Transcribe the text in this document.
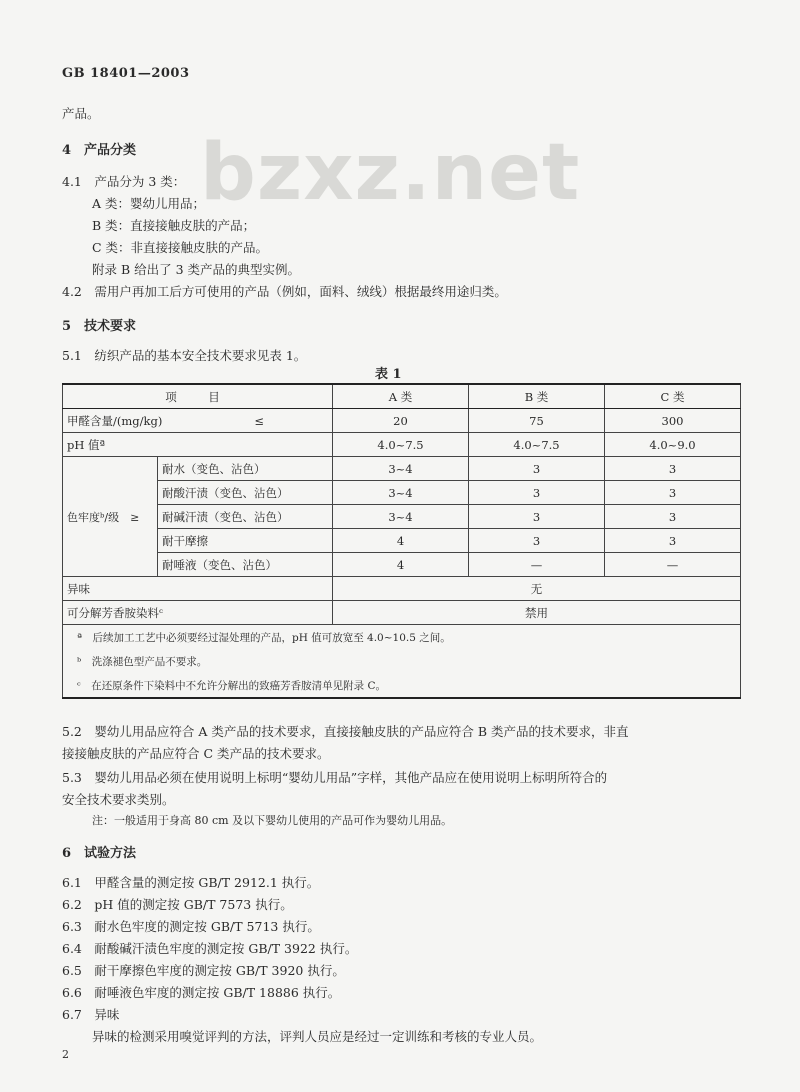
GB 18401—2003
bzxz.net
产品。
4　产品分类
4.1　产品分为 3 类：
A 类：婴幼儿用品；
B 类：直接接触皮肤的产品；
C 类：非直接接触皮肤的产品。
附录 B 给出了 3 类产品的典型实例。
4.2　需用户再加工后方可使用的产品（例如，面料、绒线）根据最终用途归类。
5　技术要求
5.1　纺织产品的基本安全技术要求见表 1。
表 1
项　目		A 类	B 类	C 类
甲醛含量/(mg/kg)　　　　　　　　≤		20	75	300
pH 值ª		4.0~7.5	4.0~7.5	4.0~9.0
色牢度ᵇ/级　≥	耐水（变色、沾色）	3~4	3	3
	耐酸汗渍（变色、沾色）	3~4	3	3
	耐碱汗渍（变色、沾色）	3~4	3	3
	耐干摩擦	4	3	3
	耐唾液（变色、沾色）	4	—	—
异味		无		
可分解芳香胺染料ᶜ		禁用		
ª　后续加工工艺中必须要经过湿处理的产品，pH 值可放宽至 4.0~10.5 之间。				
ᵇ　洗涤褪色型产品不要求。				
ᶜ　在还原条件下染料中不允许分解出的致癌芳香胺清单见附录 C。				
5.2　婴幼儿用品应符合 A 类产品的技术要求，直接接触皮肤的产品应符合 B 类产品的技术要求，非直
接接触皮肤的产品应符合 C 类产品的技术要求。
5.3　婴幼儿用品必须在使用说明上标明“婴幼儿用品”字样，其他产品应在使用说明上标明所符合的
安全技术要求类别。
注：一般适用于身高 80 cm 及以下婴幼儿使用的产品可作为婴幼儿用品。
6　试验方法
6.1　甲醛含量的测定按 GB/T 2912.1 执行。
6.2　pH 值的测定按 GB/T 7573 执行。
6.3　耐水色牢度的测定按 GB/T 5713 执行。
6.4　耐酸碱汗渍色牢度的测定按 GB/T 3922 执行。
6.5　耐干摩擦色牢度的测定按 GB/T 3920 执行。
6.6　耐唾液色牢度的测定按 GB/T 18886 执行。
6.7　异味
异味的检测采用嗅觉评判的方法，评判人员应是经过一定训练和考核的专业人员。
2
